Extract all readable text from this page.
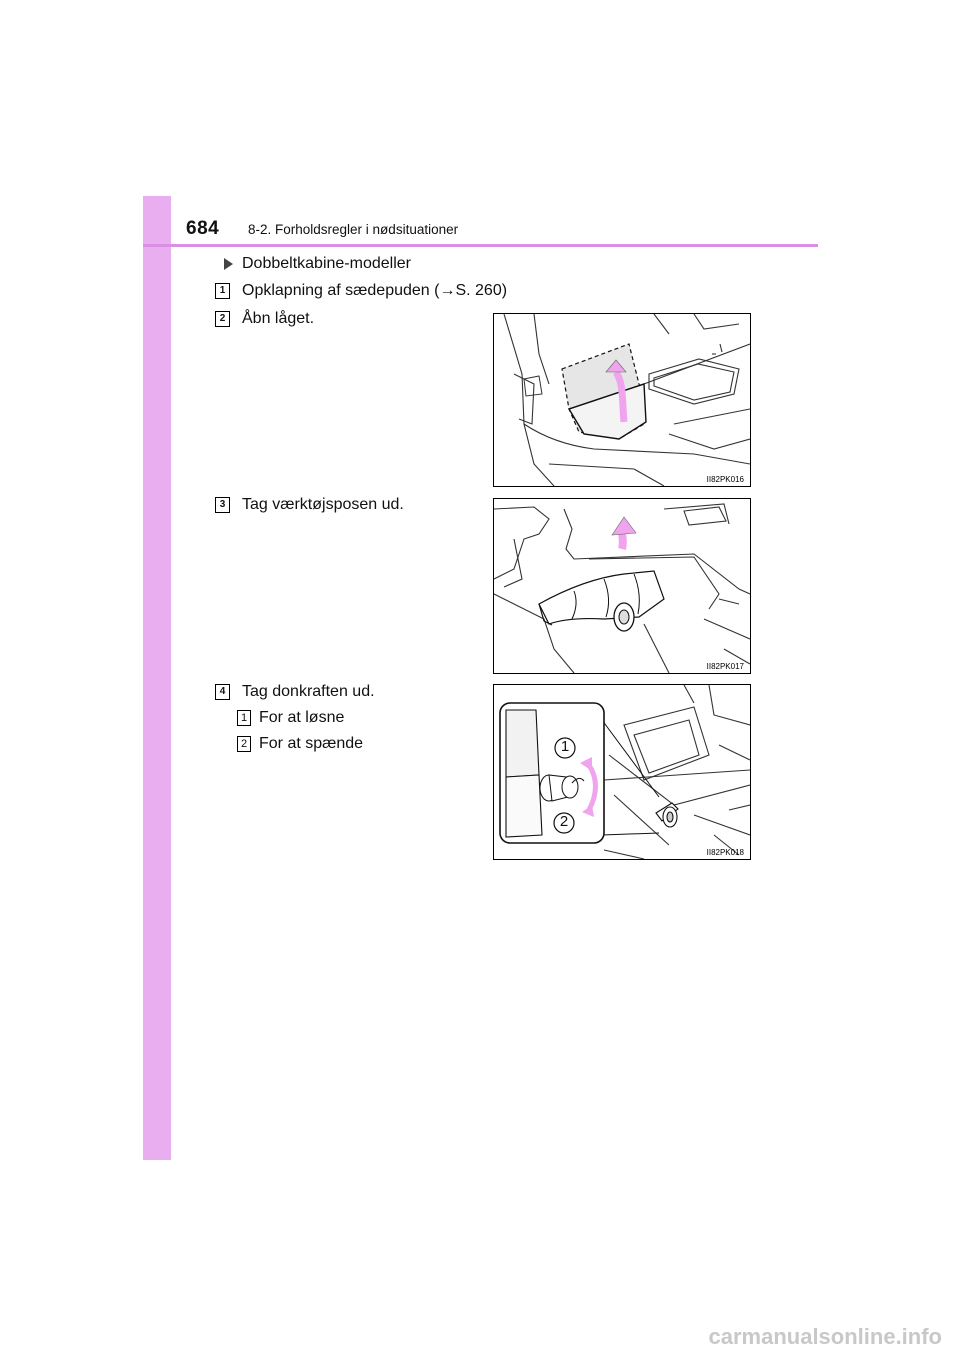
684 8-2. Forholdsregler i nødsituationer
Dobbeltkabine-modeller
1 Opklapning af sædepuden (→S. 260)
2 Åbn låget.
II82PK016
3 Tag værktøjsposen ud.
II82PK017
4 Tag donkraften ud.
1 For at løsne
2 For at spænde	1
2
II82PK018
carmanualsonline.info
